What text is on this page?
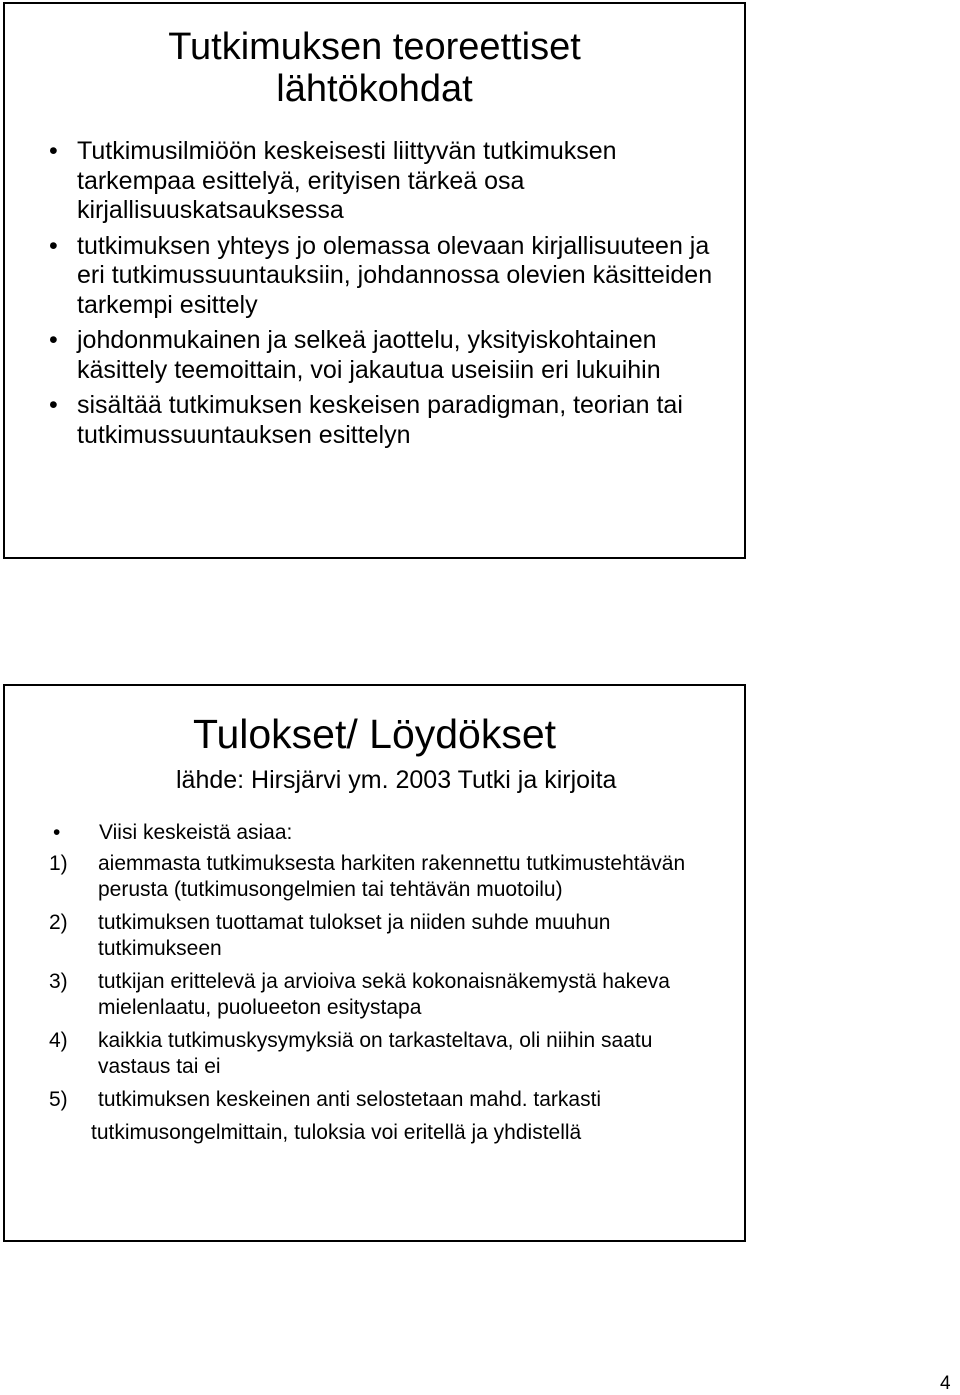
Tutkimuksen teoreettiset
lähtökohdat
• Tutkimusilmiöön keskeisesti liittyvän tutkimuksen tarkempaa esittelyä, erityisen tärkeä osa kirjallisuuskatsauksessa
• tutkimuksen yhteys jo olemassa olevaan kirjallisuuteen ja eri tutkimussuuntauksiin, johdannossa olevien käsitteiden tarkempi esittely
• johdonmukainen ja selkeä jaottelu, yksityiskohtainen käsittely teemoittain, voi jakautua useisiin eri lukuihin
• sisältää tutkimuksen keskeisen paradigman, teorian tai tutkimussuuntauksen esittelyn
Tulokset/ Löydökset

lähde: Hirsjärvi ym. 2003 Tutki ja kirjoita

• Viisi keskeistä asiaa:
1) aiemmasta tutkimuksesta harkiten rakennettu tutkimustehtävän perusta (tutkimusongelmien tai tehtävän muotoilu)
2) tutkimuksen tuottamat tulokset ja niiden suhde muuhun tutkimukseen
3) tutkijan erittelevä ja arvioiva sekä kokonaisnäkemystä hakeva mielenlaatu, puolueeton esitystapa
4) kaikkia tutkimuskysymyksiä on tarkasteltava, oli niihin saatu vastaus tai ei
5) tutkimuksen keskeinen anti selostetaan mahd. tarkasti
tutkimusongelmittain, tuloksia voi eritellä ja yhdistellä
4
